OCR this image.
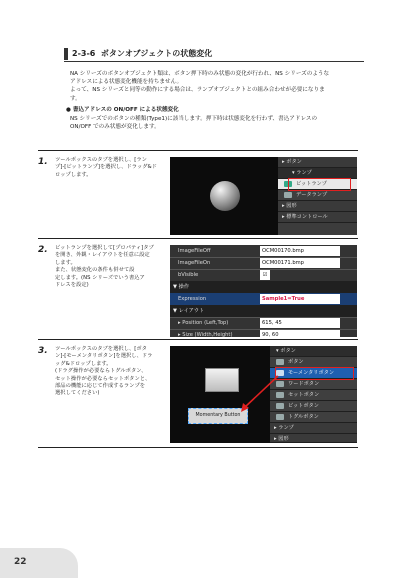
2-3-6 ボタンオブジェクトの状態変化
NA シリーズのボタンオブジェクト類は、ボタン押下時のみ状態の変化が行われ、NS シリーズのような
アドレスによる状態変化機能を持ちません。
よって、NS シリーズと同等の動作にする場合は、ランプオブジェクトとの組み合わせが必要になりま
す。
● 書込アドレスの ON/OFF による状態変化
NS シリーズでのボタンの種類(Type1)に該当します。押下時は状態変化を行わず、書込アドレスの
ON/OFF でのみ状態が変化します。
1. ツールボックスのタブを選択し、[ラン
プ]-[ビットランプ]を選択し、ドラッグ&ド
ロップします。
▸ ボタン
▾ ランプ
ビットランプ
データランプ
▸ 図形
▸ 標準コントロール
2. ビットランプを選択して[プロパティ]タブ
を開き、外観・レイアウトを任意に設定
します。
また、状態変化の条件も併せて設
定します。(NS シリーズでいう書込ア
ドレスを設定)
ImageFileOff	OCM00170.bmp
ImageFileOn	OCM00171.bmp
bVisible	☑
▼ 操作
Expression	Sample1=True
▼ レイアウト
▸ Position (Left,Top)	615, 45
▸ Size (Width,Height)	90, 60
3. ツールボックスのタブを選択し、[ボタ
ン]-[モーメンタリボタン]を選択し、ドラ
ッグ&ドロップします。
(ドラグ操作が必要ならトグルボタン、
セット操作が必要ならセットボタンと、
部品の機能に応じて作成するランプを
選択してください)
Momentary Button
▾ ボタン
ボタン
モーメンタリボタン
ワードボタン
セットボタン
ビットボタン
トグルボタン
▸ ランプ
▸ 図形
22
